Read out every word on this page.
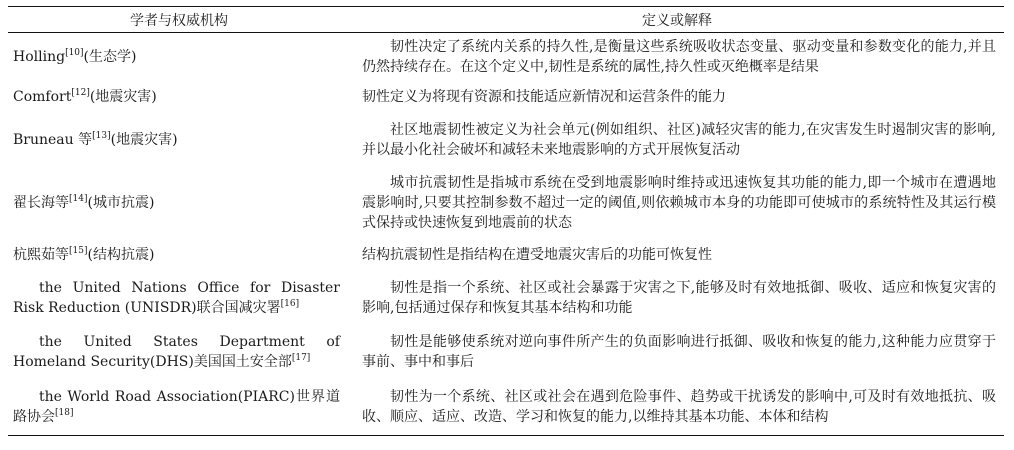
学者与权威机构	定义或解释
Holling[10](生态学)	韧性决定了系统内关系的持久性,是衡量这些系统吸收状态变量、驱动变量和参数变化的能力,并且仍然持续存在。在这个定义中,韧性是系统的属性,持久性或灭绝概率是结果

Comfort[12](地震灾害)	韧性定义为将现有资源和技能适应新情况和运营条件的能力

Bruneau 等[13](地震灾害)	社区地震韧性被定义为社会单元(例如组织、社区)减轻灾害的能力,在灾害发生时遏制灾害的影响,并以最小化社会破坏和减轻未来地震影响的方式开展恢复活动

翟长海等[14](城市抗震)	城市抗震韧性是指城市系统在受到地震影响时维持或迅速恢复其功能的能力,即一个城市在遭遇地震影响时,只要其控制参数不超过一定的阈值,则依赖城市本身的功能即可使城市的系统特性及其运行模式保持或快速恢复到地震前的状态

杭熙茹等[15](结构抗震)	结构抗震韧性是指结构在遭受地震灾害后的功能可恢复性

the United Nations Office for Disaster Risk Reduction (UNISDR)联合国减灾署[16]	韧性是指一个系统、社区或社会暴露于灾害之下,能够及时有效地抵御、吸收、适应和恢复灾害的影响,包括通过保存和恢复其基本结构和功能

the United States Department of Homeland Security(DHS)美国国土安全部[17]	韧性是能够使系统对逆向事件所产生的负面影响进行抵御、吸收和恢复的能力,这种能力应贯穿于事前、事中和事后

the World Road Association(PIARC)世界道路协会[18]	韧性为一个系统、社区或社会在遇到危险事件、趋势或干扰诱发的影响中,可及时有效地抵抗、吸收、顺应、适应、改造、学习和恢复的能力,以维持其基本功能、本体和结构
